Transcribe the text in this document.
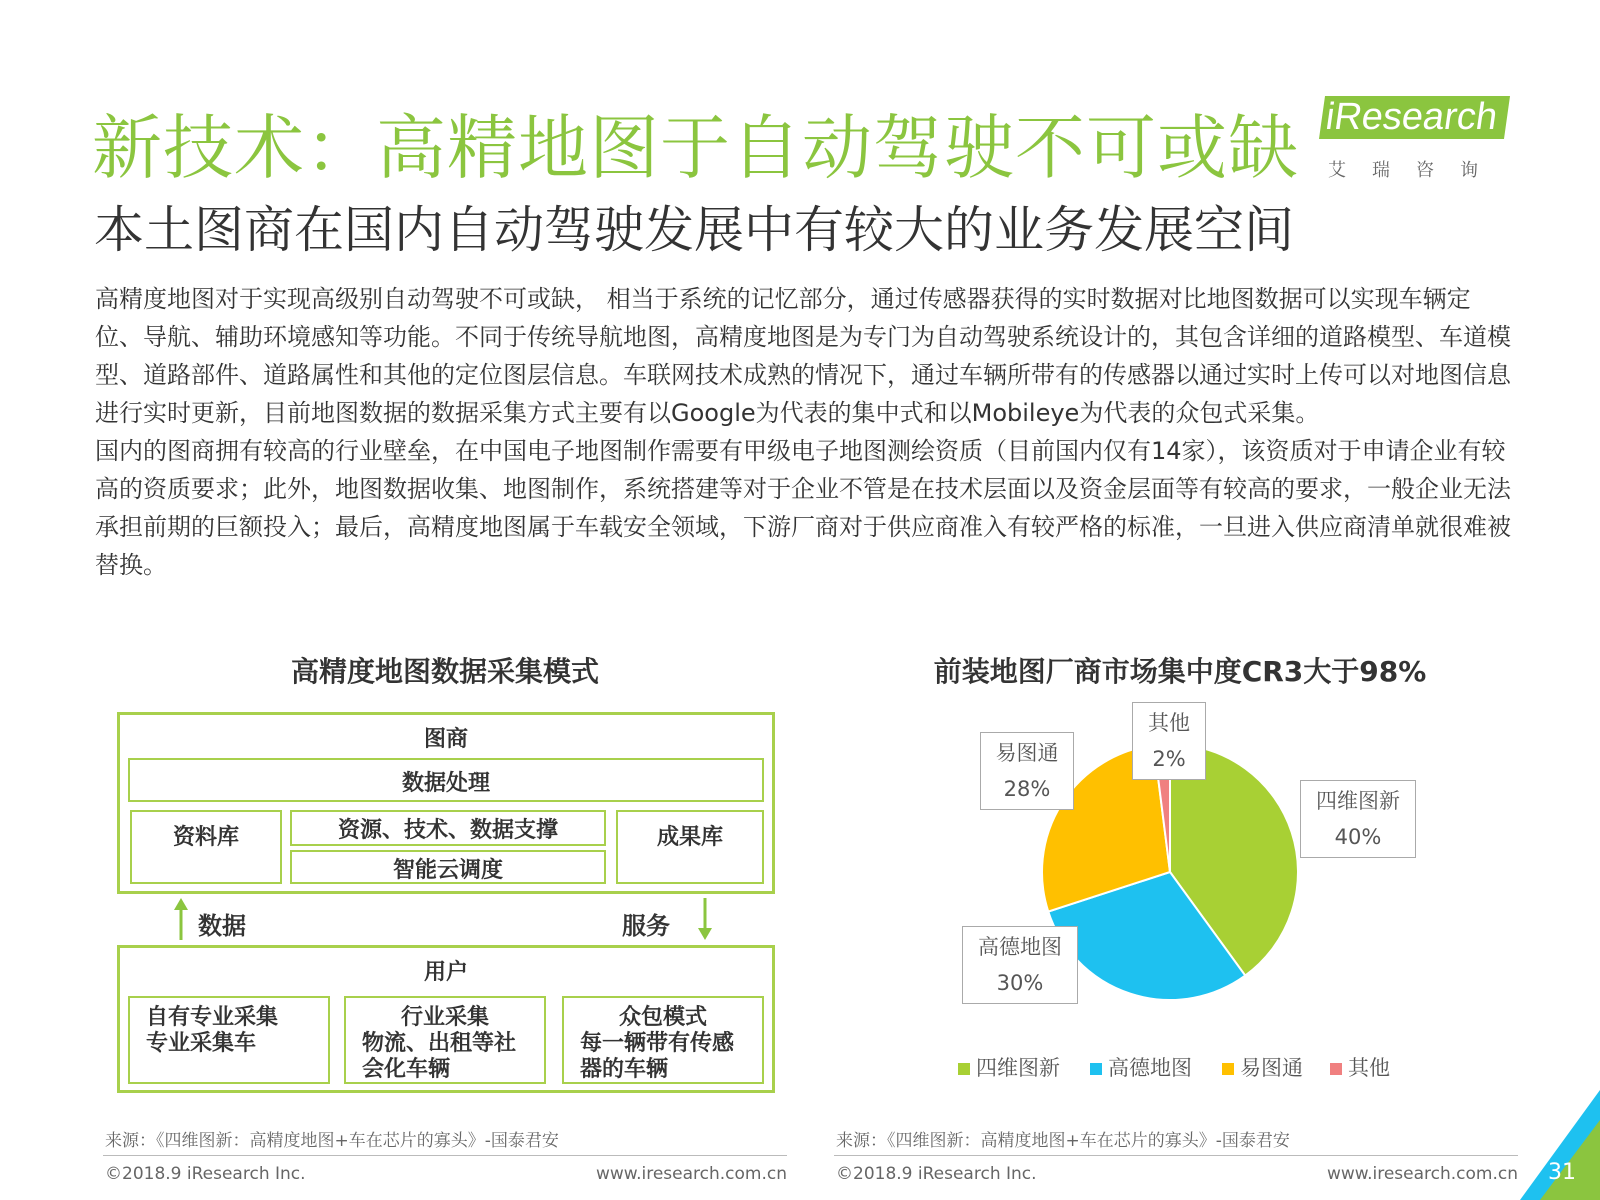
新技术：高精地图于自动驾驶不可或缺
本土图商在国内自动驾驶发展中有较大的业务发展空间
iResearch
艾瑞咨询

高精度地图对于实现高级别自动驾驶不可或缺， 相当于系统的记忆部分，通过传感器获得的实时数据对比地图数据可以实现车辆定位、导航、辅助环境感知等功能。不同于传统导航地图，高精度地图是为专门为自动驾驶系统设计的，其包含详细的道路模型、车道模型、道路部件、道路属性和其他的定位图层信息。车联网技术成熟的情况下，通过车辆所带有的传感器以通过实时上传可以对地图信息进行实时更新，目前地图数据的数据采集方式主要有以Google为代表的集中式和以Mobileye为代表的众包式采集。

国内的图商拥有较高的行业壁垒，在中国电子地图制作需要有甲级电子地图测绘资质（目前国内仅有14家），该资质对于申请企业有较高的资质要求；此外，地图数据收集、地图制作，系统搭建等对于企业不管是在技术层面以及资金层面等有较高的要求，一般企业无法承担前期的巨额投入；最后，高精度地图属于车载安全领域，下游厂商对于供应商准入有较严格的标准，一旦进入供应商清单就很难被替换。

高精度地图数据采集模式
图商
数据处理
资料库	资源、技术、数据支撑
智能云调度
成果库
数据	服务
用户
自有专业采集
专业采集车
行业采集
物流、出租等社
会化车辆
众包模式
每一辆带有传感
器的车辆
前装地图厂商市场集中度CR3大于98%
四维图新
40%
高德地图
30%
易图通
28%
其他
2%
四维图新	高德地图	易图通	其他
31
来源：《四维图新：高精度地图+车在芯片的寡头》-国泰君安	来源：《四维图新：高精度地图+车在芯片的寡头》-国泰君安
©2018.9 iResearch Inc.	www.iresearch.com.cn	©2018.9 iResearch Inc.	www.iresearch.com.cn
